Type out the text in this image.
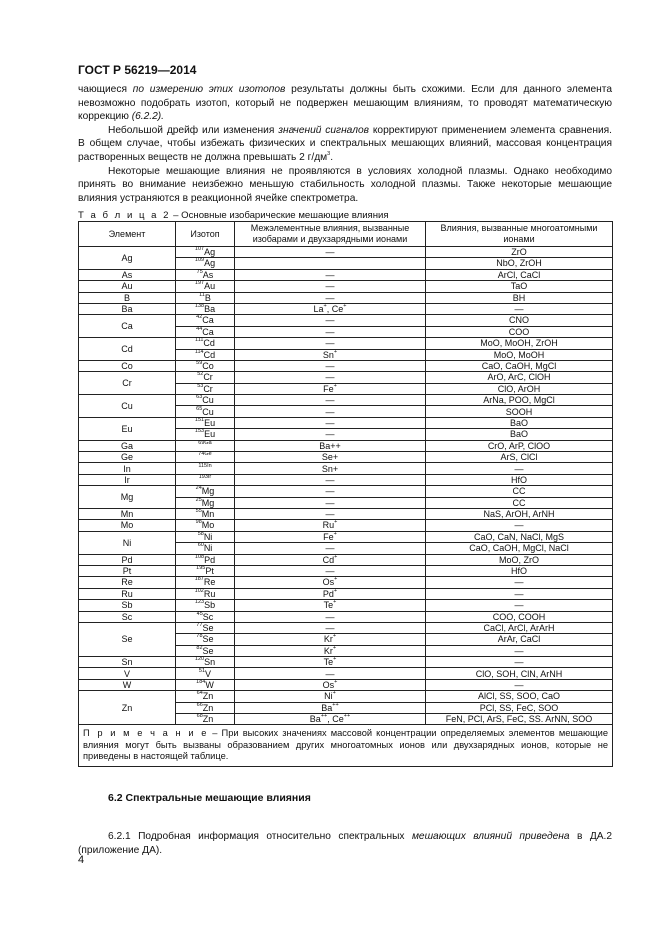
ГОСТ Р 56219—2014

чающиеся по измерению этих изотопов результаты должны быть схожими. Если для данного элемента невозможно подобрать изотоп, который не подвержен мешающим влияниям, то проводят математическую коррекцию (6.2.2).

Небольшой дрейф или изменения значений сигналов корректируют применением элемента сравнения. В общем случае, чтобы избежать физических и спектральных мешающих влияний, массовая концентрация растворенных веществ не должна превышать 2 $г/дм^3$.

Некоторые мешающие влияния не проявляются в условиях холодной плазмы. Однако необходимо принять во внимание неизбежно меньшую стабильность холодной плазмы. Также некоторые мешающие влияния устраняются в реакционной ячейке спектрометра.

Т а б л и ц а 2 – Основные изобарические мешающие влияния
Элемент	Изотоп	Межэлементные влияния, вызванные изобарами и двухзарядными ионами	Влияния, вызванные многоатомными ионами
Ag	$^{107}$Ag	—	ZrO
	$^{109}$Ag		NbO, ZrOH
As	$^{75}$As	—	ArCl, CaCl
Au	$^{197}$Au	—	TaO
B	$^{11}$B	—	BH
Ba	$^{138}$Ba	La+, Ce+	—
Ca	$^{42}$Ca	—	CNO
	$^{44}$Ca	—	COO
Cd	$^{111}$Cd	—	MoO, MoOH, ZrOH
	$^{114}$Cd	Sn+	MoO, MoOH
Co	$^{59}$Co	—	CaO, CaOH, MgCl
Cr	$^{52}$Cr	—	ArO, ArC, ClOH
	$^{53}$Cr	Fe+	ClO, ArOH
Cu	$^{63}$Cu	—	ArNa, POO, MgCl
	$^{65}$Cu	—	SOOH
Eu	$^{151}$Eu	—	BaO
	$^{153}$Eu	—	BaO
Ga	$^{69Ga}$	Ba++	CrO, ArP, ClOO
Ge	$^{74Ge}$	Se+	ArS, ClCl
In	$^{115In}$	Sn+	—
Ir	$^{193Ir}$	—	HfO
Mg	$^{24}$Mg	—	CC
	$^{25}$Mg	—	CC
Mn	$^{55}$Mn	—	NaS, ArOH, ArNH
Mo	$^{98}$Mo	Ru+	—
Ni	$^{58}$Ni	Fe+	CaO, CaN, NaCl, MgS
	$^{60}$Ni	—	CaO, CaOH, MgCl, NaCl
Pd	$^{108}$Pd	Cd+	MoO, ZrO
Pt	$^{195}$Pt	—	HfO
Re	$^{187}$Re	Os+	—
Ru	$^{102}$Ru	Pd+	—
Sb	$^{123}$Sb	Te+	—
Sc	$^{45}$Sc	—	COO, COOH
Se	$^{77}$Se	—	CaCl, ArCl, ArArH
	$^{78}$Se	Kr+	ArAr, CaCl
	$^{82}$Se	Kr+	—
Sn	$^{120}$Sn	Te+	—
V	$^{51}$V	—	ClO, SOH, ClN, ArNH
W	$^{184}$W	Os+	—
Zn	$^{64}$Zn	Ni+	AlCl, SS, SOO, CaO
	$^{66}$Zn	Ba++	PCl, SS, FeC, SOO
	$^{68}$Zn	Ba++, Ce++	FeN, PCl, ArS, FeC, SS. ArNN, SOO
П р и м е ч а н и е – При высоких значениях массовой концентрации определяемых элементов мешающие влияния могут быть вызваны образованием других многоатомных ионов или двухзарядных ионов, которые не приведены в настоящей таблице.			
6.2 Спектральные мешающие влияния

6.2.1 Подробная информация относительно спектральных мешающих влияний приведена в ДА.2 (приложение ДА).

4
